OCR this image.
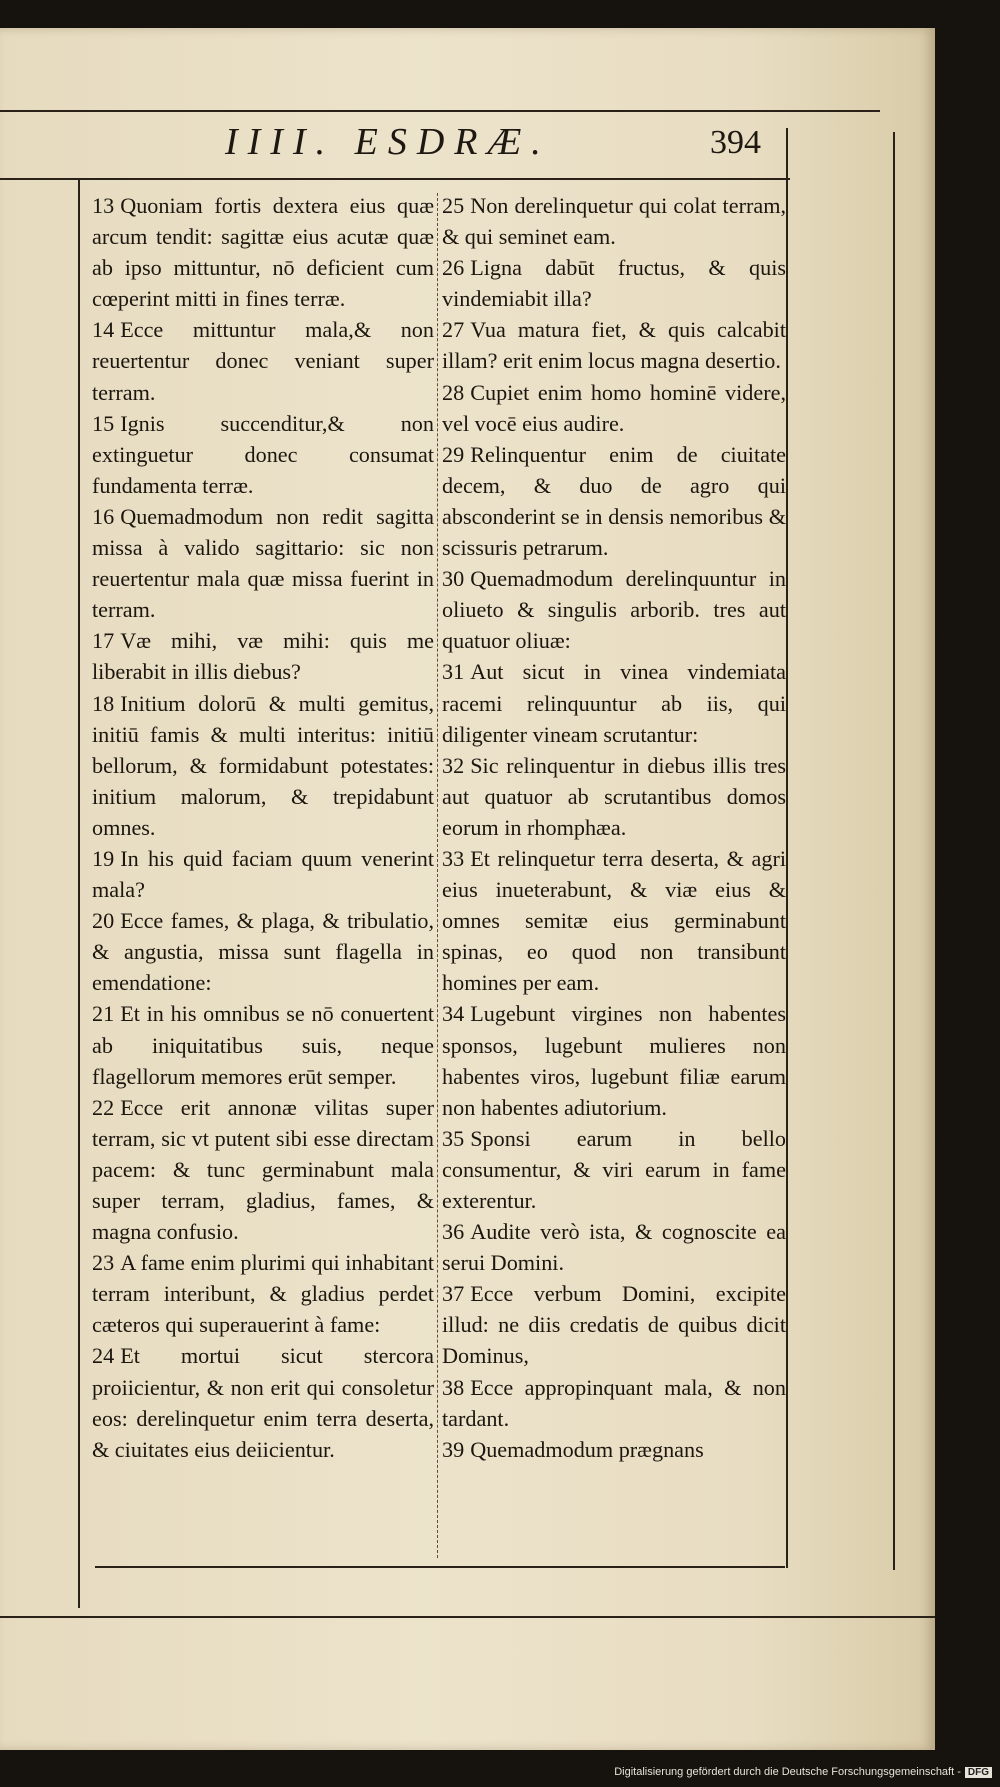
IIII. ESDRÆ.	394

13 Quoniam fortis dextera eius quæ arcum tendit: sagittæ eius acutæ quæ ab ipso mittuntur, nō deficient cum cœperint mitti in fines terræ.

14 Ecce mittuntur mala,& non reuertentur donec veniant super terram.

15 Ignis succenditur,& non extinguetur donec consumat fundamenta terræ.

16 Quemadmodum non redit sagitta missa à valido sagittario: sic non reuertentur mala quæ missa fuerint in terram.

17 Væ mihi, væ mihi: quis me liberabit in illis diebus?

18 Initium dolorū & multi gemitus, initiū famis & multi interitus: initiū bellorum, & formidabunt potestates: initium malorum, & trepidabunt omnes.

19 In his quid faciam quum venerint mala?

20 Ecce fames, & plaga, & tribulatio, & angustia, missa sunt flagella in emendatione:

21 Et in his omnibus se nō conuertent ab iniquitatibus suis, neque flagellorum memores erūt semper.

22 Ecce erit annonæ vilitas super terram, sic vt putent sibi esse directam pacem: & tunc germinabunt mala super terram, gladius, fames, & magna confusio.

23 A fame enim plurimi qui inhabitant terram interibunt, & gladius perdet cæteros qui superauerint à fame:

24 Et mortui sicut stercora proiicientur, & non erit qui consoletur eos: derelinquetur enim terra deserta, & ciuitates eius deiicientur.

25 Non derelinquetur qui colat terram, & qui seminet eam.

26 Ligna dabūt fructus, & quis vindemiabit illa?

27 Vua matura fiet, & quis calcabit illam? erit enim locus magna desertio.

28 Cupiet enim homo hominē videre, vel vocē eius audire.

29 Relinquentur enim de ciuitate decem, & duo de agro qui absconderint se in densis nemoribus & scissuris petrarum.

30 Quemadmodum derelinquuntur in oliueto & singulis arborib. tres aut quatuor oliuæ:

31 Aut sicut in vinea vindemiata racemi relinquuntur ab iis, qui diligenter vineam scrutantur:

32 Sic relinquentur in diebus illis tres aut quatuor ab scrutantibus domos eorum in rhomphæa.

33 Et relinquetur terra deserta, & agri eius inueterabunt, & viæ eius & omnes semitæ eius germinabunt spinas, eo quod non transibunt homines per eam.

34 Lugebunt virgines non habentes sponsos, lugebunt mulieres non habentes viros, lugebunt filiæ earum non habentes adiutorium.

35 Sponsi earum in bello consumentur, & viri earum in fame exterentur.

36 Audite verò ista, & cognoscite ea serui Domini.

37 Ecce verbum Domini, excipite illud: ne diis credatis de quibus dicit Dominus,

38 Ecce appropinquant mala, & non tardant.

39 Quemadmodum prægnans

Digitalisierung gefördert durch die Deutsche Forschungsgemeinschaft - DFG
